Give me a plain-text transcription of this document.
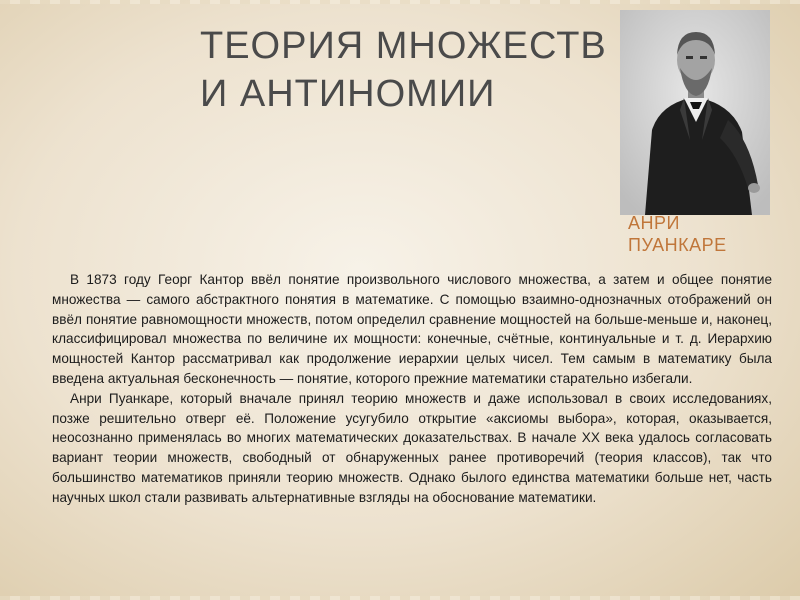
ТЕОРИЯ МНОЖЕСТВ
И АНТИНОМИИ
АНРИ
ПУАНКАРЕ

В 1873 году Георг Кантор ввёл понятие произвольного числового множества, а затем и общее понятие множества — самого абстрактного понятия в математике. С помощью взаимно-однозначных отображений он ввёл понятие равномощности множеств, потом определил сравнение мощностей на больше-меньше и, наконец, классифицировал множества по величине их мощности: конечные, счётные, континуальные и т. д. Иерархию мощностей Кантор рассматривал как продолжение иерархии целых чисел. Тем самым в математику была введена актуальная бесконечность — понятие, которого прежние математики старательно избегали.

Анри Пуанкаре, который вначале принял теорию множеств и даже использовал в своих исследованиях, позже решительно отверг её. Положение усугубило открытие «аксиомы выбора», которая, оказывается, неосознанно применялась во многих математических доказательствах. В начале XX века удалось согласовать вариант теории множеств, свободный от обнаруженных ранее противоречий (теория классов), так что большинство математиков приняли теорию множеств. Однако былого единства математики больше нет, часть научных школ стали развивать альтернативные взгляды на обоснование математики.
